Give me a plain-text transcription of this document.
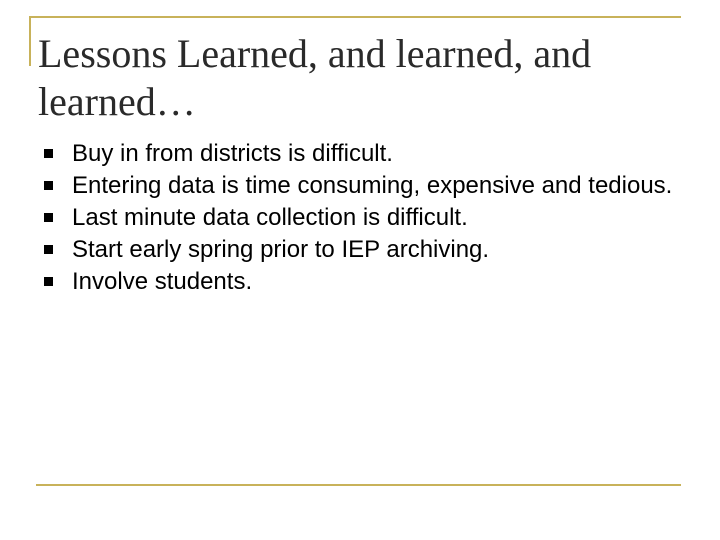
Lessons Learned, and learned, and learned…
Buy in from districts is difficult.
Entering data is time consuming, expensive and tedious.
Last minute data collection is difficult.
Start early spring prior to IEP archiving.
Involve students.
